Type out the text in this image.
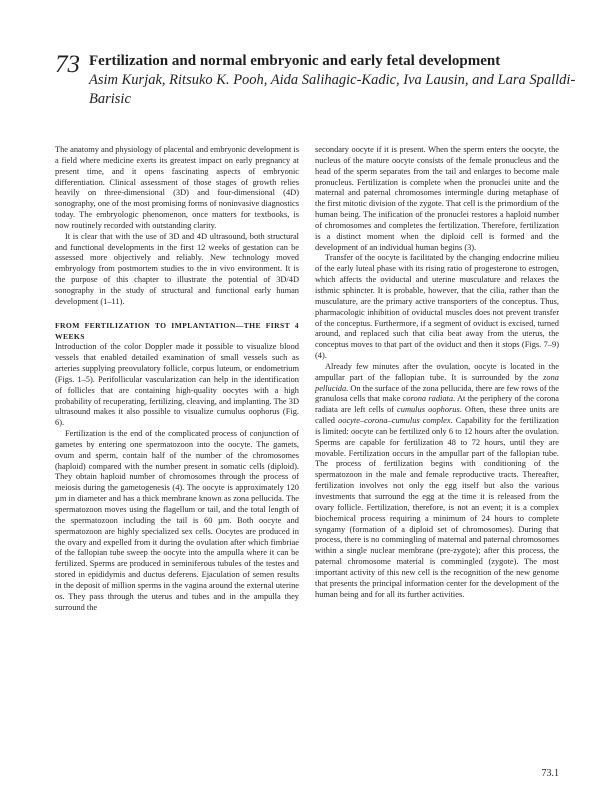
73 Fertilization and normal embryonic and early fetal development
Asim Kurjak, Ritsuko K. Pooh, Aida Salihagic-Kadic, Iva Lausin, and Lara Spalldi-Barisic

The anatomy and physiology of placental and embryonic development is a field where medicine exerts its greatest impact on early pregnancy at present time, and it opens fascinating aspects of embryonic differentiation. Clinical assessment of those stages of growth relies heavily on three-dimensional (3D) and four-dimensional (4D) sonography, one of the most promising forms of noninvasive diagnostics today. The embryologic phenomenon, once matters for textbooks, is now routinely recorded with outstanding clarity.

It is clear that with the use of 3D and 4D ultrasound, both structural and functional developments in the first 12 weeks of gestation can be assessed more objectively and reliably. New technology moved embryology from postmortem studies to the in vivo environment. It is the purpose of this chapter to illustrate the potential of 3D/4D sonography in the study of structural and functional early human development (1–11).

FROM FERTILIZATION TO IMPLANTATION—THE FIRST 4 WEEKS

Introduction of the color Doppler made it possible to visualize blood vessels that enabled detailed examination of small vessels such as arteries supplying preovulatory follicle, corpus luteum, or endometrium (Figs. 1–5). Perifollicular vascularization can help in the identification of follicles that are containing high-quality oocytes with a high probability of recuperating, fertilizing, cleaving, and implanting. The 3D ultrasound makes it also possible to visualize cumulus oophorus (Fig. 6).

Fertilization is the end of the complicated process of conjunction of gametes by entering one spermatozoon into the oocyte. The gamets, ovum and sperm, contain half of the number of the chromosomes (haploid) compared with the number present in somatic cells (diploid). They obtain haploid number of chromosomes through the process of meiosis during the gametogenesis (4). The oocyte is approximately 120 µm in diameter and has a thick membrane known as zona pellucida. The spermatozoon moves using the flagellum or tail, and the total length of the spermatozoon including the tail is 60 µm. Both oocyte and spermatozoon are highly specialized sex cells. Oocytes are produced in the ovary and expelled from it during the ovulation after which fimbriae of the fallopian tube sweep the oocyte into the ampulla where it can be fertilized. Sperms are produced in seminiferous tubules of the testes and stored in epididymis and ductus deferens. Ejaculation of semen results in the deposit of million sperms in the vagina around the external uterine os. They pass through the uterus and tubes and in the ampulla they surround the

secondary oocyte if it is present. When the sperm enters the oocyte, the nucleus of the mature oocyte consists of the female pronucleus and the head of the sperm separates from the tail and enlarges to become male pronucleus. Fertilization is complete when the pronuclei unite and the maternal and paternal chromosomes intermingle during metaphase of the first mitotic division of the zygote. That cell is the primordium of the human being. The inification of the pronuclei restores a haploid number of chromosomes and completes the fertilization. Therefore, fertilization is a distinct moment when the diploid cell is formed and the development of an individual human begins (3).

Transfer of the oocyte is facilitated by the changing endocrine milieu of the early luteal phase with its rising ratio of progesterone to estrogen, which affects the oviductal and uterine musculature and relaxes the isthmic sphincter. It is probable, however, that the cilia, rather than the musculature, are the primary active transporters of the conceptus. Thus, pharmacologic inhibition of oviductal muscles does not prevent transfer of the conceptus. Furthermore, if a segment of oviduct is excised, turned around, and replaced such that cilia beat away from the uterus, the conceptus moves to that part of the oviduct and then it stops (Figs. 7–9) (4).

Already few minutes after the ovulation, oocyte is located in the ampullar part of the fallopian tube. It is surrounded by the zona pellucida. On the surface of the zona pellucida, there are few rows of the granulosa cells that make corona radiata. At the periphery of the corona radiata are left cells of cumulus oophorus. Often, these three units are called oocyte–corona–cumulus complex. Capability for the fertilization is limited: oocyte can be fertilized only 6 to 12 hours after the ovulation. Sperms are capable for fertilization 48 to 72 hours, until they are movable. Fertilization occurs in the ampullar part of the fallopian tube. The process of fertilization begins with conditioning of the spermatozoon in the male and female reproductive tracts. Thereafter, fertilization involves not only the egg itself but also the various investments that surround the egg at the time it is released from the ovary follicle. Fertilization, therefore, is not an event; it is a complex biochemical process requiring a minimum of 24 hours to complete syngamy (formation of a diploid set of chromosomes). During that process, there is no commingling of maternal and paternal chromosomes within a single nuclear membrane (pre-zygote); after this process, the paternal chromosome material is commingled (zygote). The most important activity of this new cell is the recognition of the new genome that presents the principal information center for the development of the human being and for all its further activities.

73.1
